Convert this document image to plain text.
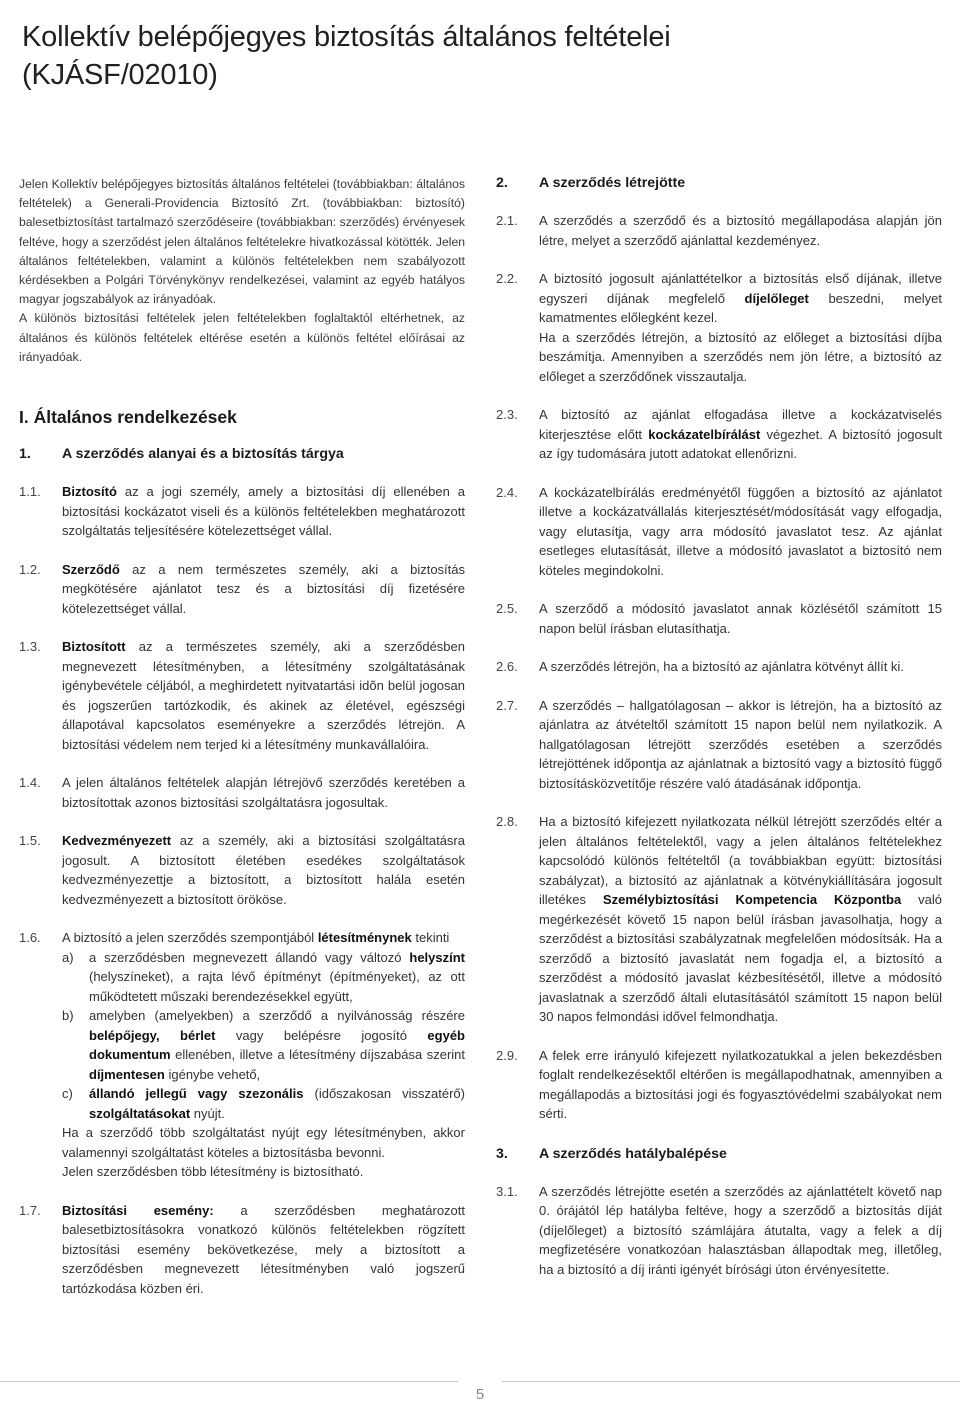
Kollektív belépőjegyes biztosítás általános feltételei
(KJÁSF/02010)

Jelen Kollektív belépőjegyes biztosítás általános feltételei (továbbiakban: általános feltételek) a Generali-Providencia Biztosító Zrt. (továbbiakban: biztosító) balesetbiztosítást tartalmazó szerződéseire (továbbiakban: szerződés) érvényesek feltéve, hogy a szerződést jelen általános feltételekre hivatkozással kötötték. Jelen általános feltételekben, valamint a különös feltételekben nem szabályozott kérdésekben a Polgári Törvénykönyv rendelkezései, valamint az egyéb hatályos magyar jogszabályok az irányadóak.

A különös biztosítási feltételek jelen feltételekben foglaltaktól eltérhetnek, az általános és különös feltételek eltérése esetén a különös feltétel előírásai az irányadóak.

I. Általános rendelkezések
1.	A szerződés alanyai és a biztosítás tárgya
1.1.	Biztosító az a jogi személy, amely a biztosítási díj ellenében a biztosítási kockázatot viseli és a különös feltételekben meghatározott szolgáltatás teljesítésére kötelezettséget vállal.
1.2.	Szerződő az a nem természetes személy, aki a biztosítás megkötésére ajánlatot tesz és a biztosítási díj fizetésére kötelezettséget vállal.
1.3.	Biztosított az a természetes személy, aki a szerződésben megnevezett létesítményben, a létesítmény szolgáltatásának igénybevétele céljából, a meghirdetett nyitvatartási idõn belül jogosan és jogszerűen tartózkodik, és akinek az életével, egészségi állapotával kapcsolatos eseményekre a szerződés létrejön. A biztosítási védelem nem terjed ki a létesítmény munkavállalóira.
1.4.	A jelen általános feltételek alapján létrejövő szerződés keretében a biztosítottak azonos biztosítási szolgáltatásra jogosultak.
1.5.	Kedvezményezett az a személy, aki a biztosítási szolgáltatásra jogosult. A biztosított életében esedékes szolgáltatások kedvezményezettje a biztosított, a biztosított halála esetén kedvezményezett a biztosított örököse.
1.6.	A biztosító a jelen szerződés szempontjából létesítménynek tekinti

a)	a szerződésben megnevezett állandó vagy változó helyszínt (helyszíneket), a rajta lévő építményt (építményeket), az ott működtetett műszaki berendezésekkel együtt,
b)	amelyben (amelyekben) a szerződő a nyilvánosság részére belépőjegy, bérlet vagy belépésre jogosító egyéb dokumentum ellenében, illetve a létesítmény díjszabása szerint díjmentesen igénybe vehető,
c)	állandó jellegű vagy szezonális (időszakosan visszatérő) szolgáltatásokat nyújt.

Ha a szerződő több szolgáltatást nyújt egy létesítményben, akkor valamennyi szolgáltatást köteles a biztosításba bevonni.

Jelen szerződésben több létesítmény is biztosítható.

1.7.	Biztosítási esemény: a szerződésben meghatározott balesetbiztosításokra vonatkozó különös feltételekben rögzített biztosítási esemény bekövetkezése, mely a biztosított a szerződésben megnevezett létesítményben való jogszerű tartózkodása közben éri.
2.	A szerződés létrejötte
2.1.	A szerződés a szerződő és a biztosító megállapodása alapján jön létre, melyet a szerződő ajánlattal kezdeményez.
2.2.	A biztosító jogosult ajánlattételkor a biztosítás első díjának, illetve egyszeri díjának megfelelő díjelőleget beszedni, melyet kamatmentes előlegként kezel.

Ha a szerződés létrejön, a biztosító az előleget a biztosítási díjba beszámítja. Amennyiben a szerződés nem jön létre, a biztosító az előleget a szerződőnek visszautalja.

2.3.	A biztosító az ajánlat elfogadása illetve a kockázatviselés kiterjesztése előtt kockázatelbírálást végezhet. A biztosító jogosult az így tudomására jutott adatokat ellenőrizni.
2.4.	A kockázatelbírálás eredményétől függően a biztosító az ajánlatot illetve a kockázatvállalás kiterjesztését/módosítását vagy elfogadja, vagy elutasítja, vagy arra módosító javaslatot tesz. Az ajánlat esetleges elutasítását, illetve a módosító javaslatot a biztosító nem köteles megindokolni.
2.5.	A szerződő a módosító javaslatot annak közlésétől számított 15 napon belül írásban elutasíthatja.
2.6.	A szerződés létrejön, ha a biztosító az ajánlatra kötvényt állít ki.
2.7.	A szerződés – hallgatólagosan – akkor is létrejön, ha a biztosító az ajánlatra az átvételtől számított 15 napon belül nem nyilatkozik. A hallgatólagosan létrejött szerződés esetében a szerződés létrejöttének időpontja az ajánlatnak a biztosító vagy a biztosító függő biztosításközvetítője részére való átadásának időpontja.
2.8.	Ha a biztosító kifejezett nyilatkozata nélkül létrejött szerződés eltér a jelen általános feltételektől, vagy a jelen általános feltételekhez kapcsolódó különös feltételtől (a továbbiakban együtt: biztosítási szabályzat), a biztosító az ajánlatnak a kötvénykiállítására jogosult illetékes Személybiztosítási Kompetencia Központba való megérkezését követő 15 napon belül írásban javasolhatja, hogy a szerződést a biztosítási szabályzatnak megfelelően módosítsák. Ha a szerződő a biztosító javaslatát nem fogadja el, a biztosító a szerződést a módosító javaslat kézbesítésétől, illetve a módosító javaslatnak a szerződő általi elutasításától számított 15 napon belül 30 napos felmondási idővel felmondhatja.
2.9.	A felek erre irányuló kifejezett nyilatkozatukkal a jelen bekezdésben foglalt rendelkezésektől eltérően is megállapodhatnak, amennyiben a megállapodás a biztosítási jogi és fogyasztóvédelmi szabályokat nem sérti.
3.	A szerződés hatálybalépése
3.1.	A szerződés létrejötte esetén a szerződés az ajánlattételt követő nap 0. órájától lép hatályba feltéve, hogy a szerződő a biztosítás díját (díjelőleget) a biztosító számlájára átutalta, vagy a felek a díj megfizetésére vonatkozóan halasztásban állapodtak meg, illetőleg, ha a biztosító a díj iránti igényét bírósági úton érvényesítette.
5
